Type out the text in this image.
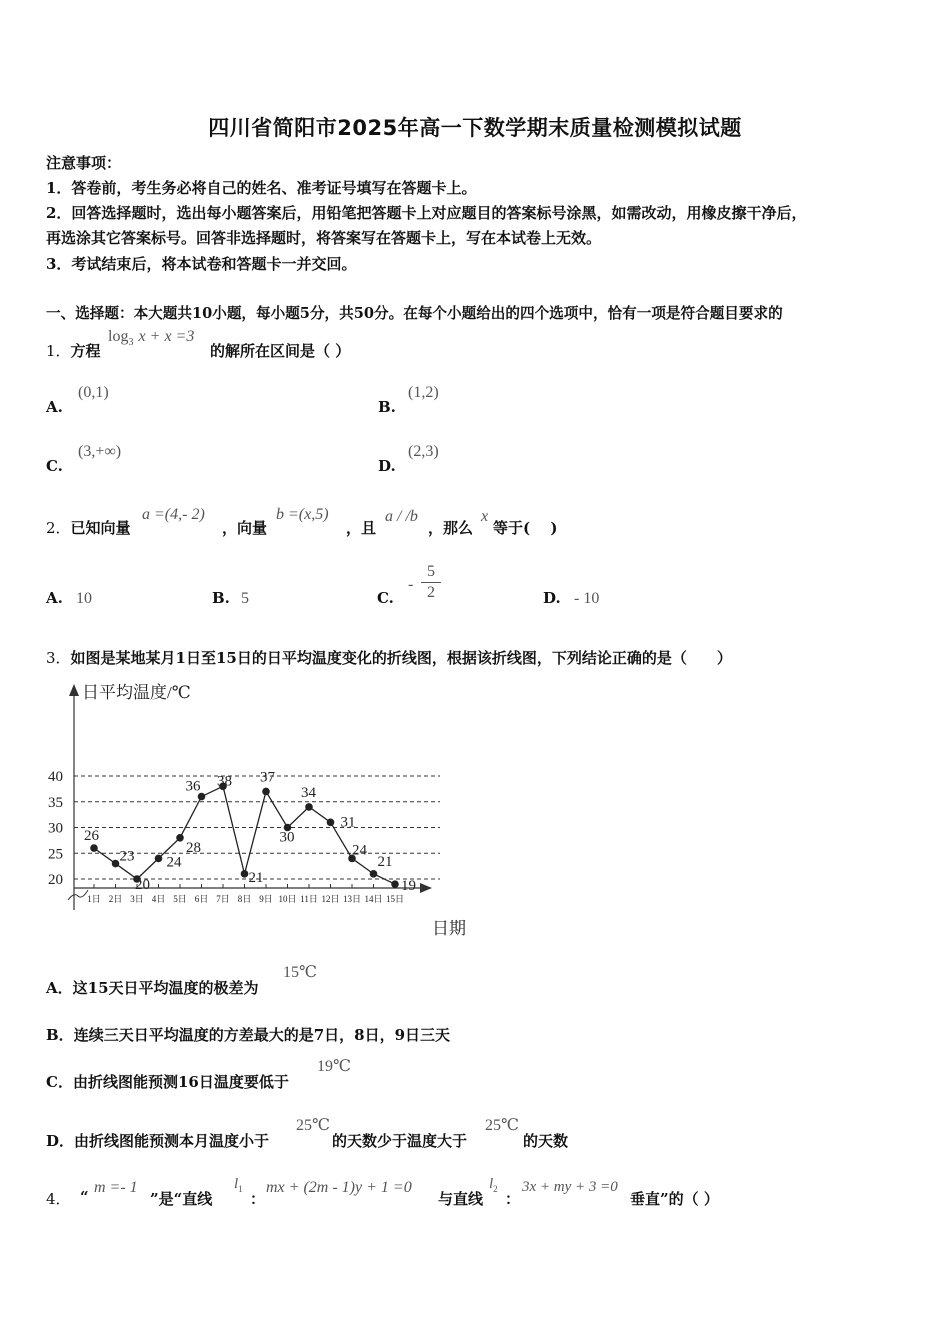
四川省简阳市2025年高一下数学期末质量检测模拟试题
注意事项：
1．答卷前，考生务必将自己的姓名、准考证号填写在答题卡上。
2．回答选择题时，选出每小题答案后，用铅笔把答题卡上对应题目的答案标号涂黑，如需改动，用橡皮擦干净后，
再选涂其它答案标号。回答非选择题时，将答案写在答题卡上，写在本试卷上无效。
3．考试结束后，将本试卷和答题卡一并交回。
一、选择题：本大题共10小题，每小题5分，共50分。在每个小题给出的四个选项中，恰有一项是符合题目要求的
1．方程
$\log_3 x + x =3$
的解所在区间是（ ）
A.
(0,1)
B.
(1,2)
C.
(3,+∞)
D.
(2,3)
2．已知向量
a =(4,- 2)
，向量
b =(x,5)
，且
a / /b
，那么
x
等于(　 )
A. 10	B. 5	C.
-
5
2	D. - 10
3．如图是某地某月1日至15日的日平均温度变化的折线图，根据该折线图，下列结论正确的是（　　）
日平均温度/℃
日期
20
25
30
35
40
1日 2日 3日 4日 5日 6日 7日 8日 9日 10日 11日 12日 13日 14日 15日
26
23
20
24
28
36 38
21
37
30
34
31
24
21
19
A．这15天日平均温度的极差为
15℃
B．连续三天日平均温度的方差最大的是7日，8日，9日三天
C．由折线图能预测16日温度要低于
19℃
D．由折线图能预测本月温度小于
25℃
的天数少于温度大于
25℃
的天数
4． “
m =- 1
”是“直线
$l_1$
：
mx + (2m - 1)y + 1 =0
与直线
$l_2$
：
3x + my + 3 =0
垂直”的（ ）
